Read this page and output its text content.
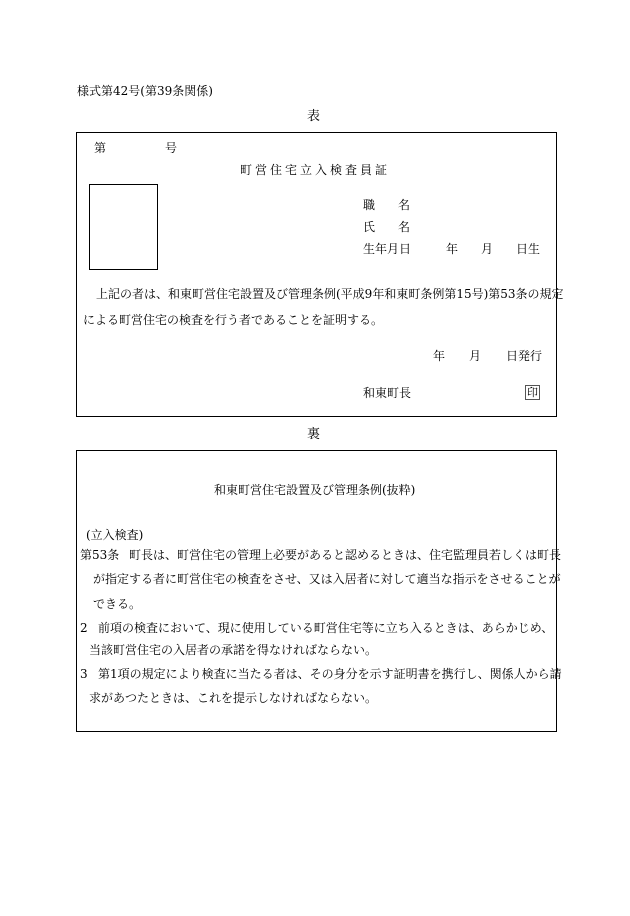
様式第42号(第39条関係)
表
第	号
町営住宅立入検査員証
職 名
氏 名
生年月日	年 月 日生
上記の者は、和東町営住宅設置及び管理条例(平成9年和東町条例第15号)第53条の規定
による町営住宅の検査を行う者であることを証明する。
年 月 日発行
和東町長	印
裏
和東町営住宅設置及び管理条例(抜粋)
(立入検査)
第53条 町長は、町営住宅の管理上必要があると認めるときは、住宅監理員若しくは町長
が指定する者に町営住宅の検査をさせ、又は入居者に対して適当な指示をさせることが
できる。
2 前項の検査において、現に使用している町営住宅等に立ち入るときは、あらかじめ、
当該町営住宅の入居者の承諾を得なければならない。
3 第1項の規定により検査に当たる者は、その身分を示す証明書を携行し、関係人から請
求があつたときは、これを提示しなければならない。
